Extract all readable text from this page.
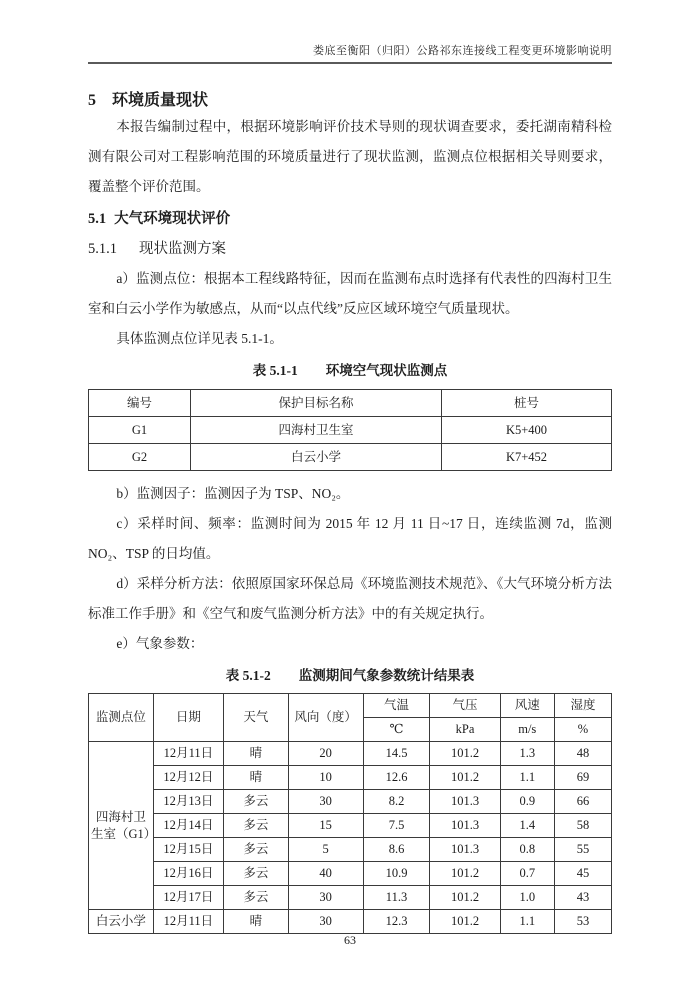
娄底至衡阳（归阳）公路祁东连接线工程变更环境影响说明
5 环境质量现状

本报告编制过程中，根据环境影响评价技术导则的现状调查要求，委托湖南精科检测有限公司对工程影响范围的环境质量进行了现状监测，监测点位根据相关导则要求，覆盖整个评价范围。

5.1 大气环境现状评价
5.1.1 现状监测方案

a）监测点位：根据本工程线路特征，因而在监测布点时选择有代表性的四海村卫生室和白云小学作为敏感点，从而“以点代线”反应区域环境空气质量现状。

具体监测点位详见表 5.1-1。

表 5.1-1 环境空气现状监测点
编号	保护目标名称	桩号
G1	四海村卫生室	K5+400
G2	白云小学	K7+452

b）监测因子：监测因子为 TSP、NO₂。

c）采样时间、频率：监测时间为 2015 年 12 月 11 日~17 日，连续监测 7d，监测NO₂、TSP 的日均值。

d）采样分析方法：依照原国家环保总局《环境监测技术规范》、《大气环境分析方法标准工作手册》和《空气和废气监测分析方法》中的有关规定执行。

e）气象参数：

表 5.1-2 监测期间气象参数统计结果表
监测点位	日期	天气	风向（度）	气温	气压	风速	湿度
				℃	kPa	m/s	%
四海村卫生室（G1）	12月11日	晴	20	14.5	101.2	1.3	48
	12月12日	晴	10	12.6	101.2	1.1	69
	12月13日	多云	30	8.2	101.3	0.9	66
	12月14日	多云	15	7.5	101.3	1.4	58
	12月15日	多云	5	8.6	101.3	0.8	55
	12月16日	多云	40	10.9	101.2	0.7	45
	12月17日	多云	30	11.3	101.2	1.0	43
白云小学	12月11日	晴	30	12.3	101.2	1.1	53
63
